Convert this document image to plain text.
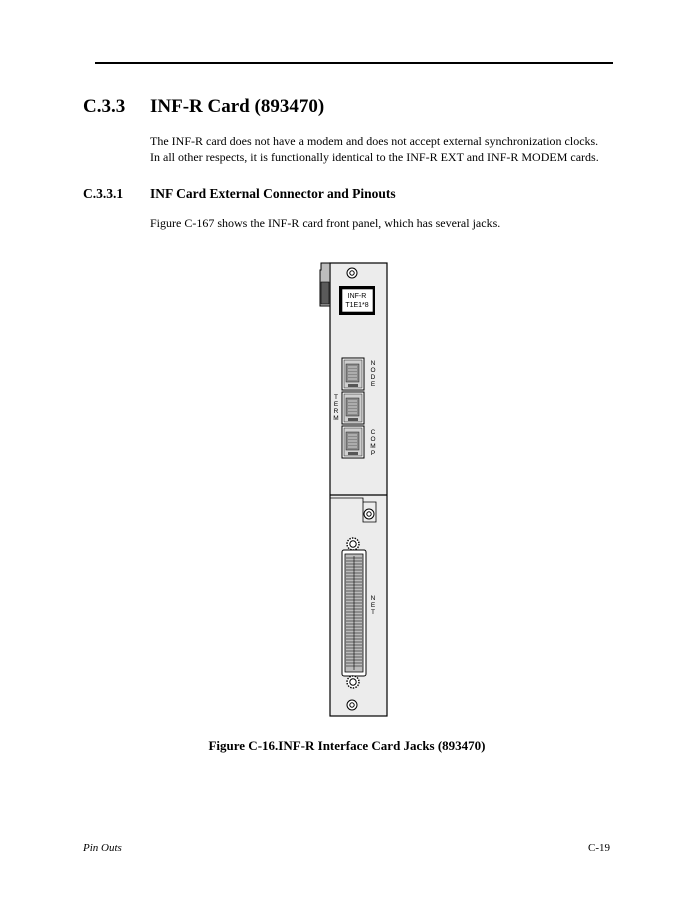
C.3.3 INF-R Card (893470)
The INF-R card does not have a modem and does not accept external synchronization clocks.
In all other respects, it is functionally identical to the INF-R EXT and INF-R MODEM cards.
C.3.3.1 INF Card External Connector and Pinouts
Figure C-167 shows the INF-R card front panel, which has several jacks.
INF-R
T1E1*8
N O D E
T E R M
C O M P
N E T
Figure C-16.INF-R Interface Card Jacks (893470)
Pin Outs	C-19
